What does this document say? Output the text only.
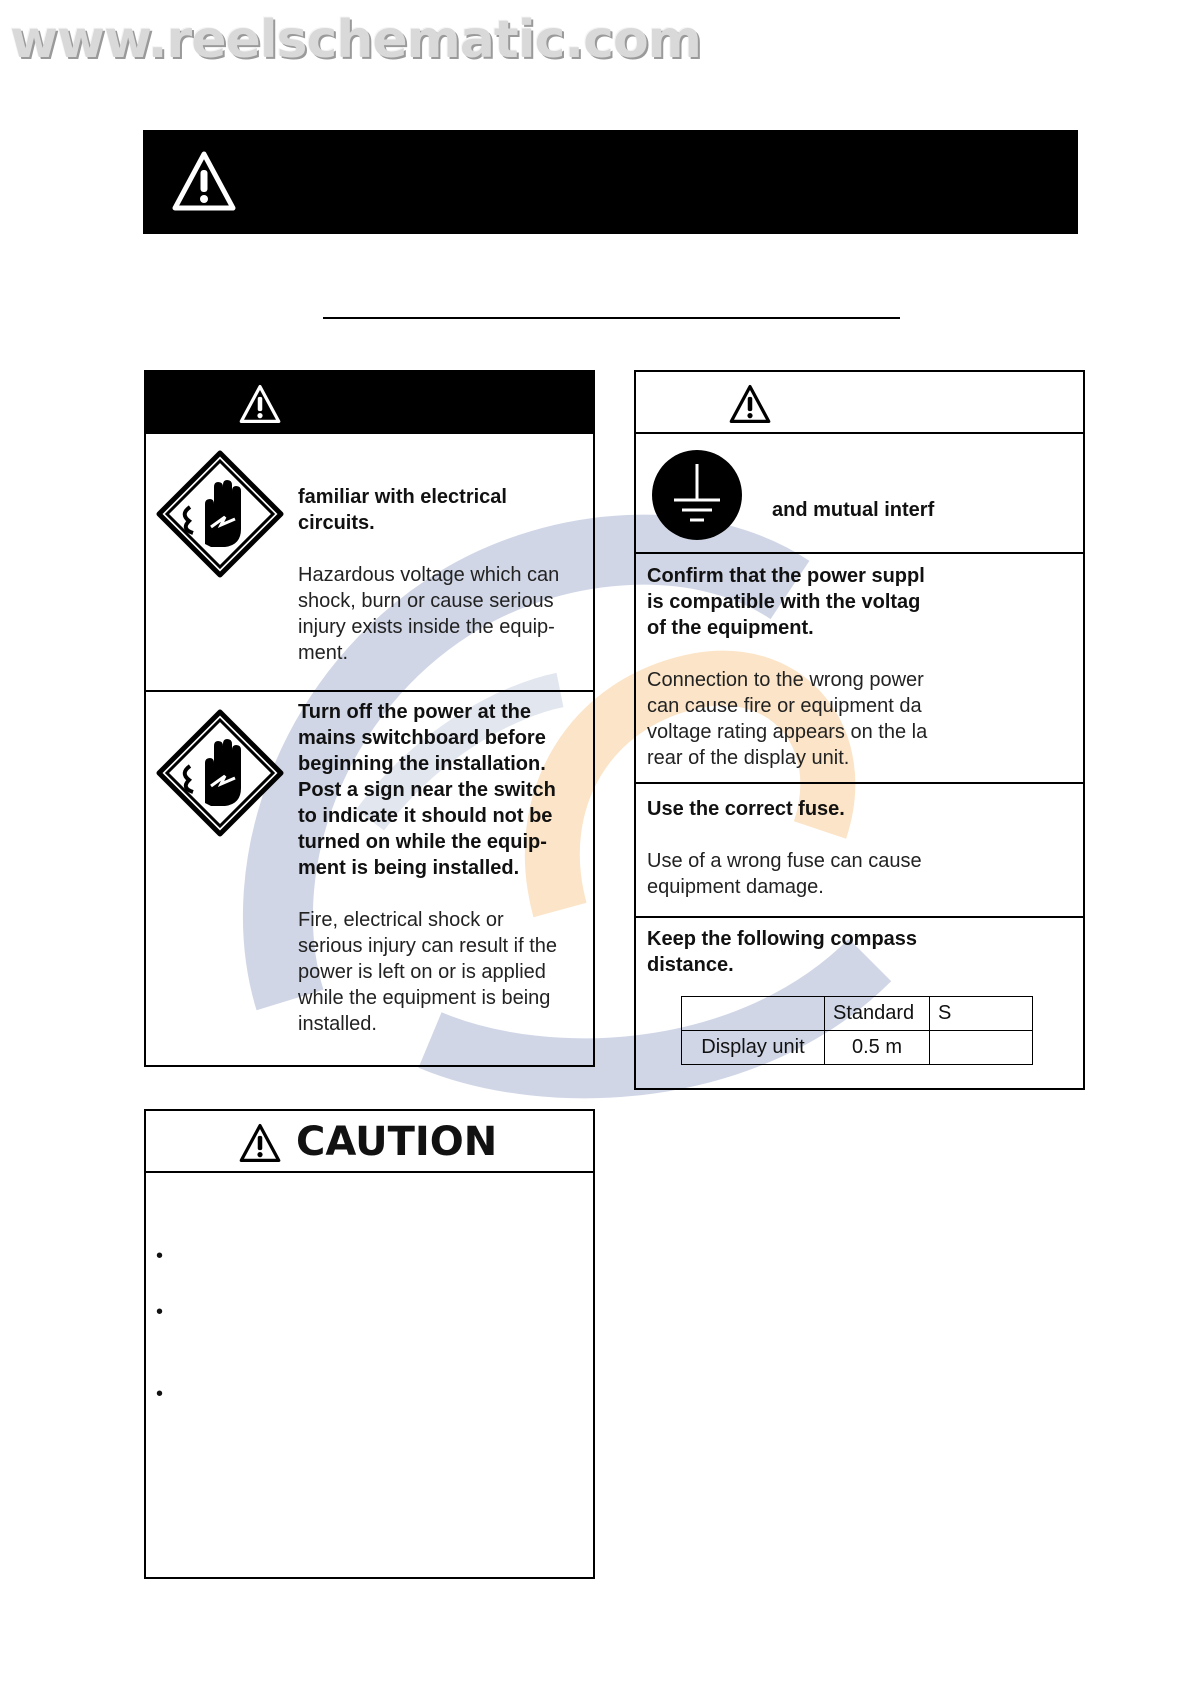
www.reelschematic.com
familiar with electrical
circuits.
Hazardous voltage which can
shock, burn or cause serious
injury exists inside the equip-
ment.
Turn off the power at the
mains switchboard before
beginning the installation.
Post a sign near the switch
to indicate it should not be
turned on while the equip-
ment is being installed.
Fire, electrical shock or
serious injury can result if the
power is left on or is applied
while the equipment is being
installed.
and mutual interf
Confirm that the power suppl
is compatible with the voltag
of the equipment.
Connection to the wrong power
can cause fire or equipment da
voltage rating appears on the la
rear of the display unit.
Use the correct fuse.
Use of a wrong fuse can cause
equipment damage.
Keep the following compass
distance.
	Standard	S
Display unit	0.5 m	
CAUTION
•
•
•
